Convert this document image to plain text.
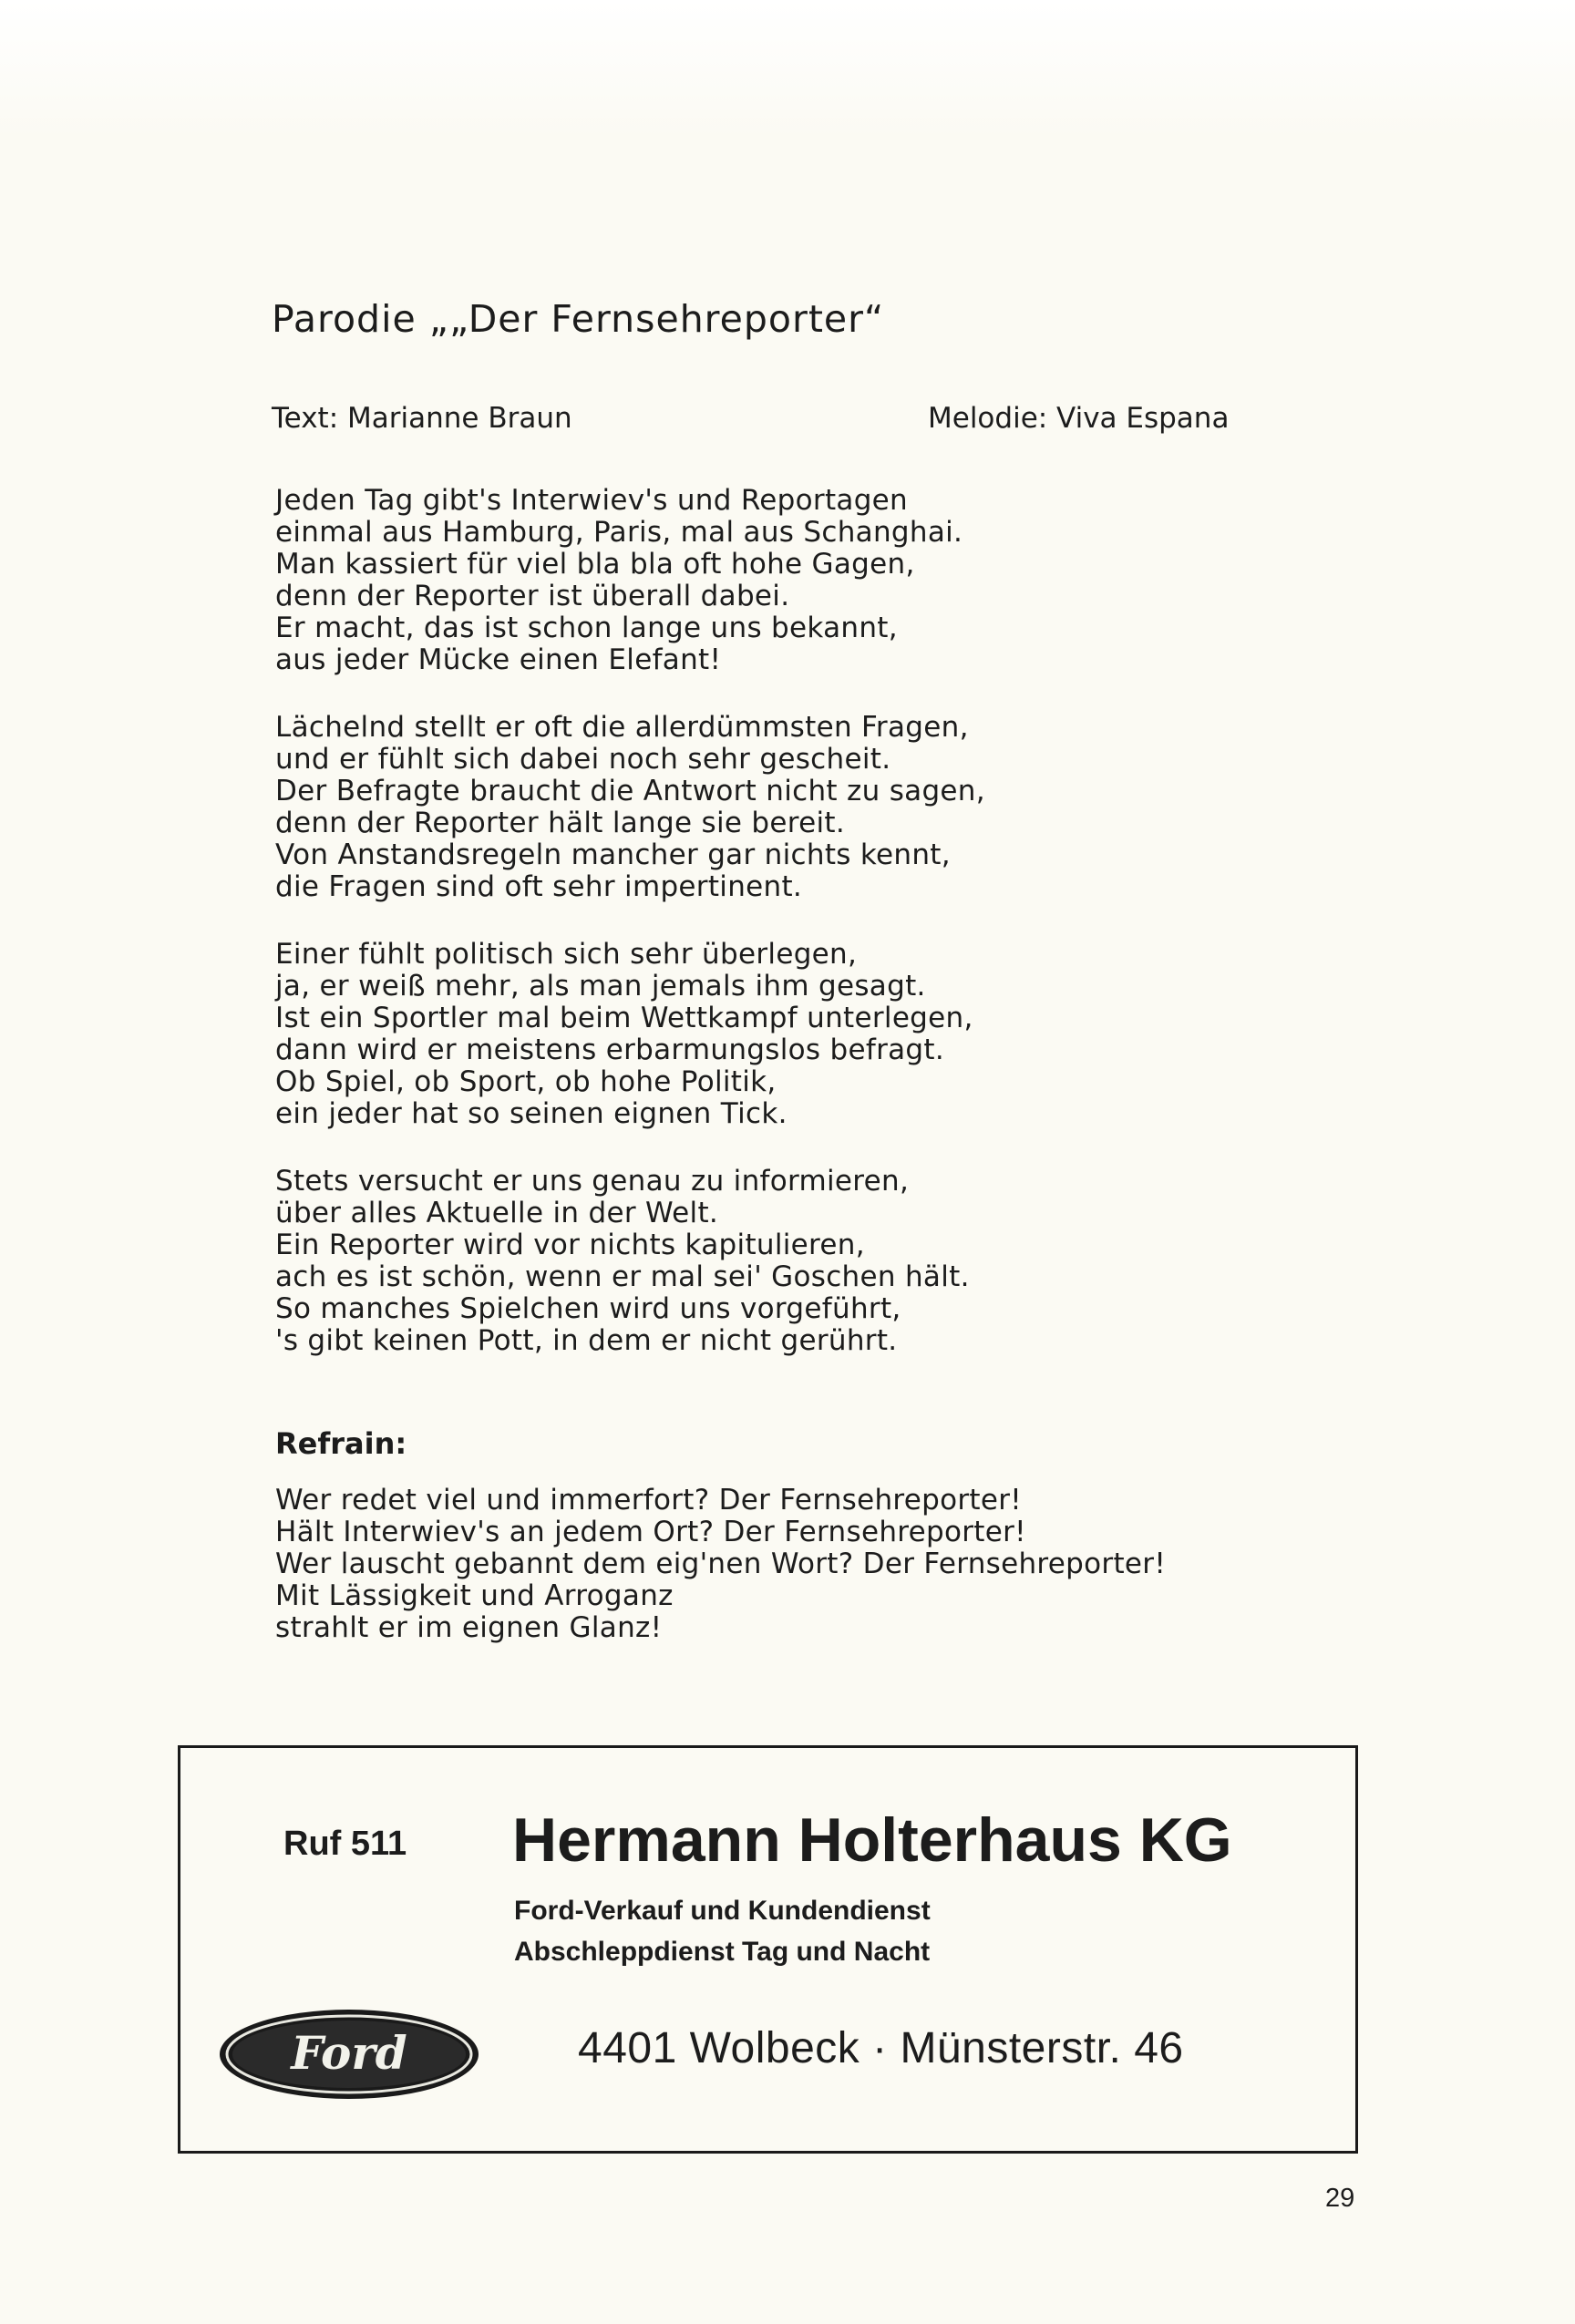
Parodie „„Der Fernsehreporter“
Text: Marianne Braun	Melodie: Viva Espana
Jeden Tag gibt's Interwiev's und Reportagen
einmal aus Hamburg, Paris, mal aus Schanghai.
Man kassiert für viel bla bla oft hohe Gagen,
denn der Reporter ist überall dabei.
Er macht, das ist schon lange uns bekannt,
aus jeder Mücke einen Elefant!
Lächelnd stellt er oft die allerdümmsten Fragen,
und er fühlt sich dabei noch sehr gescheit.
Der Befragte braucht die Antwort nicht zu sagen,
denn der Reporter hält lange sie bereit.
Von Anstandsregeln mancher gar nichts kennt,
die Fragen sind oft sehr impertinent.
Einer fühlt politisch sich sehr überlegen,
ja, er weiß mehr, als man jemals ihm gesagt.
Ist ein Sportler mal beim Wettkampf unterlegen,
dann wird er meistens erbarmungslos befragt.
Ob Spiel, ob Sport, ob hohe Politik,
ein jeder hat so seinen eignen Tick.
Stets versucht er uns genau zu informieren,
über alles Aktuelle in der Welt.
Ein Reporter wird vor nichts kapitulieren,
ach es ist schön, wenn er mal sei' Goschen hält.
So manches Spielchen wird uns vorgeführt,
's gibt keinen Pott, in dem er nicht gerührt.
Refrain:
Wer redet viel und immerfort? Der Fernsehreporter!
Hält Interwiev's an jedem Ort? Der Fernsehreporter!
Wer lauscht gebannt dem eig'nen Wort? Der Fernsehreporter!
Mit Lässigkeit und Arroganz
strahlt er im eignen Glanz!
Ruf 511 Hermann Holterhaus KG
Ford-Verkauf und Kundendienst
Abschleppdienst Tag und Nacht
Ford	4401 Wolbeck · Münsterstr. 46
29
